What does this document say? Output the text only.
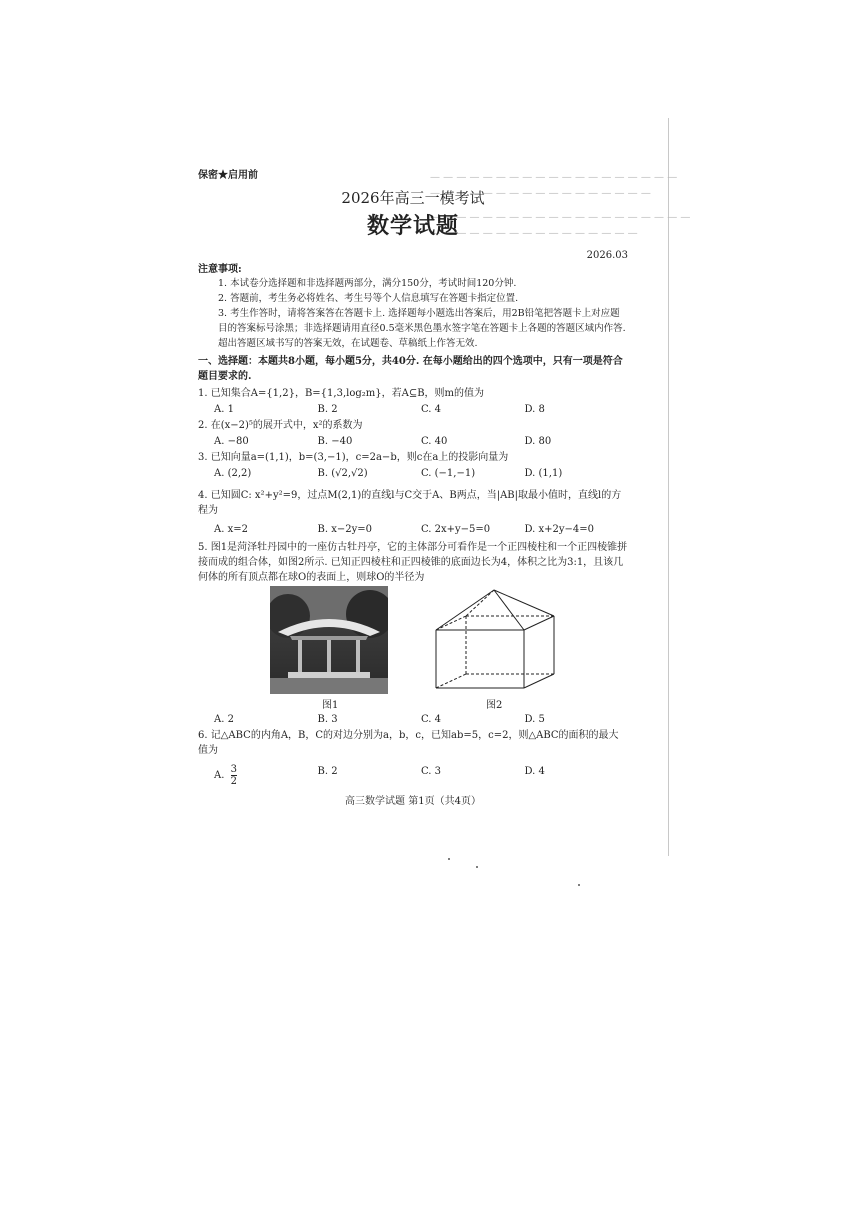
— — — — — — — — — — — — — — — — — — —
— — — — — — — — — — — — — — — — —
— — — — — — — — — — — — — — — — — — — —
— — — — — — — — — — — — — — — —
保密★启用前
2026年高三一模考试
数学试题
2026.03
注意事项:
1. 本试卷分选择题和非选择题两部分，满分150分，考试时间120分钟.
2. 答题前，考生务必将姓名、考生号等个人信息填写在答题卡指定位置.
3. 考生作答时，请将答案答在答题卡上. 选择题每小题选出答案后，用2B铅笔把答题卡上对应题目的答案标号涂黑；非选择题请用直径0.5毫米黑色墨水签字笔在答题卡上各题的答题区域内作答. 超出答题区域书写的答案无效，在试题卷、草稿纸上作答无效.
一、选择题：本题共8小题，每小题5分，共40分. 在每小题给出的四个选项中，只有一项是符合题目要求的.
1. 已知集合A={1,2}，B={1,3,log₂m}，若A⊆B，则m的值为
A. 1	B. 2	C. 4	D. 8
2. 在(x−2)⁵的展开式中，x²的系数为
A. −80	B. −40	C. 40	D. 80
3. 已知向量a=(1,1)，b=(3,−1)，c=2a−b，则c在a上的投影向量为
A. (2,2)	B. (√2,√2)	C. (−1,−1)	D. (1,1)
4. 已知圆C: x²+y²=9，过点M(2,1)的直线l与C交于A、B两点，当|AB|取最小值时，直线l的方程为
A. x=2	B. x−2y=0	C. 2x+y−5=0	D. x+2y−4=0
5. 图1是菏泽牡丹园中的一座仿古牡丹亭，它的主体部分可看作是一个正四棱柱和一个正四棱锥拼接而成的组合体，如图2所示. 已知正四棱柱和正四棱锥的底面边长为4，体积之比为3:1，且该几何体的所有顶点都在球O的表面上，则球O的半径为
图1	图2
A. 2	B. 3	C. 4	D. 5
6. 记△ABC的内角A，B，C的对边分别为a，b，c，已知ab=5，c=2，则△ABC的面积的最大值为
A. $\frac{3}{2}$	B. 2	C. 3	D. 4
高三数学试题 第1页（共4页）
